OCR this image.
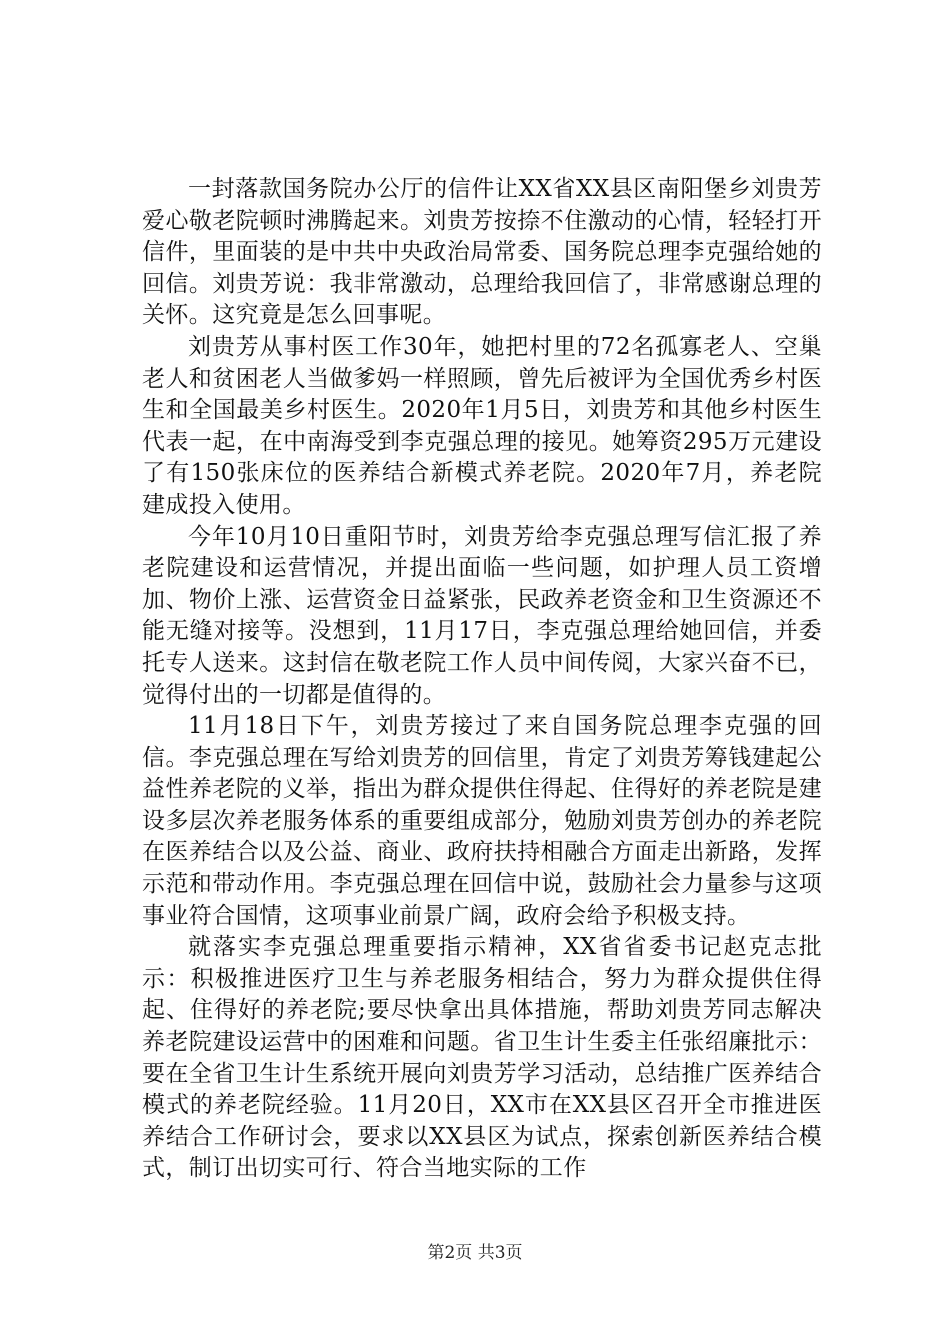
一封落款国务院办公厅的信件让XX省XX县区南阳堡乡刘贵芳爱心敬老院顿时沸腾起来。刘贵芳按捺不住激动的心情，轻轻打开信件，里面装的是中共中央政治局常委、国务院总理李克强给她的回信。刘贵芳说：我非常激动，总理给我回信了，非常感谢总理的关怀。这究竟是怎么回事呢。

刘贵芳从事村医工作30年，她把村里的72名孤寡老人、空巢老人和贫困老人当做爹妈一样照顾，曾先后被评为全国优秀乡村医生和全国最美乡村医生。2020年1月5日，刘贵芳和其他乡村医生代表一起，在中南海受到李克强总理的接见。她筹资295万元建设了有150张床位的医养结合新模式养老院。2020年7月，养老院建成投入使用。

今年10月10日重阳节时，刘贵芳给李克强总理写信汇报了养老院建设和运营情况，并提出面临一些问题，如护理人员工资增加、物价上涨、运营资金日益紧张，民政养老资金和卫生资源还不能无缝对接等。没想到，11月17日，李克强总理给她回信，并委托专人送来。这封信在敬老院工作人员中间传阅，大家兴奋不已，觉得付出的一切都是值得的。

11月18日下午，刘贵芳接过了来自国务院总理李克强的回信。李克强总理在写给刘贵芳的回信里，肯定了刘贵芳筹钱建起公益性养老院的义举，指出为群众提供住得起、住得好的养老院是建设多层次养老服务体系的重要组成部分，勉励刘贵芳创办的养老院在医养结合以及公益、商业、政府扶持相融合方面走出新路，发挥示范和带动作用。李克强总理在回信中说，鼓励社会力量参与这项事业符合国情，这项事业前景广阔，政府会给予积极支持。

就落实李克强总理重要指示精神，XX省省委书记赵克志批示：积极推进医疗卫生与养老服务相结合，努力为群众提供住得起、住得好的养老院;要尽快拿出具体措施，帮助刘贵芳同志解决养老院建设运营中的困难和问题。省卫生计生委主任张绍廉批示：要在全省卫生计生系统开展向刘贵芳学习活动，总结推广医养结合模式的养老院经验。11月20日，XX市在XX县区召开全市推进医养结合工作研讨会，要求以XX县区为试点，探索创新医养结合模式，制订出切实可行、符合当地实际的工作

第2页 共3页
